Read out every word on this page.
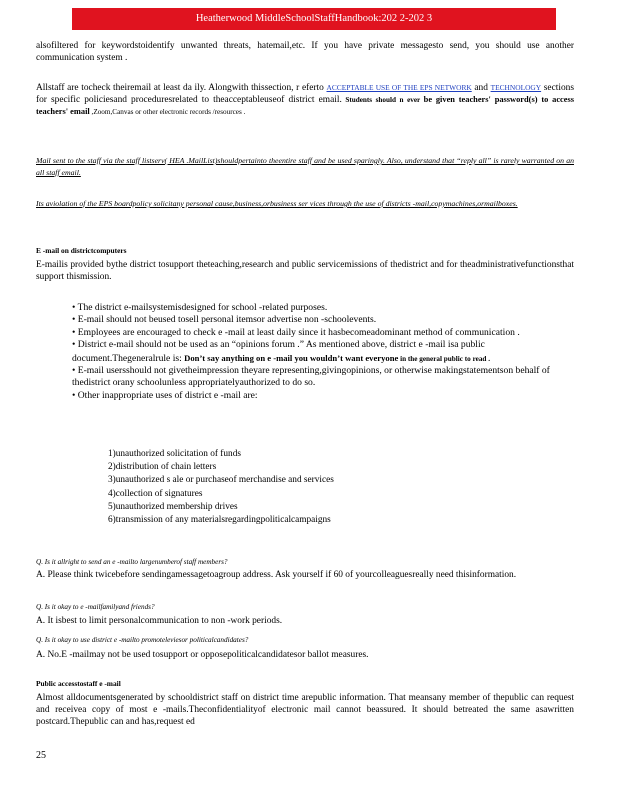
Heatherwood MiddleSchoolStaffHandbook:202 2-202 3

alsofiltered for keywordstoidentify unwanted threats, hatemail,etc. If you have private messagesto send, you should use another communication system .

Allstaff are tocheck theiremail at least da ily. Alongwith thissection, r eferto ACCEPTABLE USE OF THE EPS NETWORK and TECHNOLOGY sections for specific policiesand proceduresrelated to theacceptableuseof district email. Students should n ever be given teachers' password(s) to access teachers' email ,Zoom,Canvas or other electronic records /resources .

Mail sent to the staff via the staff listserv( HEA .MailList)shouldpertainto theentire staff and be used sparingly. Also, understand that “reply all” is rarely warranted on an all staff email.

Its aviolation of the EPS boardpolicy solicitany personal cause,business,orbusiness ser vices through the use of districts -mail,copymachines,ormailboxes.

E -mail on districtcomputers

E-mailis provided bythe district tosupport theteaching,research and public servicemissions of thedistrict and for theadministrativefunctionsthat support thismission.

• The district e-mailsystemisdesigned for school -related purposes.
• E-mail should not beused tosell personal itemsor advertise non -schoolevents.
• Employees are encouraged to check e -mail at least daily since it hasbecomeadominant method of communication .
• District e-mail should not be used as an “opinions forum .” As mentioned above, district e -mail isa public document.Thegeneralrule is: Don’t say anything on e -mail you wouldn’t want everyone in the general public to read .
• E-mail usersshould not givetheimpression theyare representing,givingopinions, or otherwise makingstatementson behalf of thedistrict orany schoolunless appropriatelyauthorized to do so.
• Other inappropriate uses of district e -mail are:
1)unauthorized solicitation of funds
2)distribution of chain letters
3)unauthorized s ale or purchaseof merchandise and services
4)collection of signatures
5)unauthorized membership drives
6)transmission of any materialsregardingpoliticalcampaigns
Q. Is it allright to send an e -mailto largenumberof staff members?
A. Please think twicebefore sendingamessagetoagroup address. Ask yourself if 60 of yourcolleaguesreally need thisinformation.
Q. Is it okay to e -mailfamilyand friends?
A. It isbest to limit personalcommunication to non -work periods.
Q. Is it okay to use district e -mailto promoteleviesor politicalcandidates?
A. No.E -mailmay not be used tosupport or opposepoliticalcandidatesor ballot measures.
Public accesstostaff e -mail

Almost alldocumentsgenerated by schooldistrict staff on district time arepublic information. That meansany member of thepublic can request and receivea copy of most e -mails.Theconfidentialityof electronic mail cannot beassured. It should betreated the same asawritten postcard.Thepublic can and has,request ed

25
